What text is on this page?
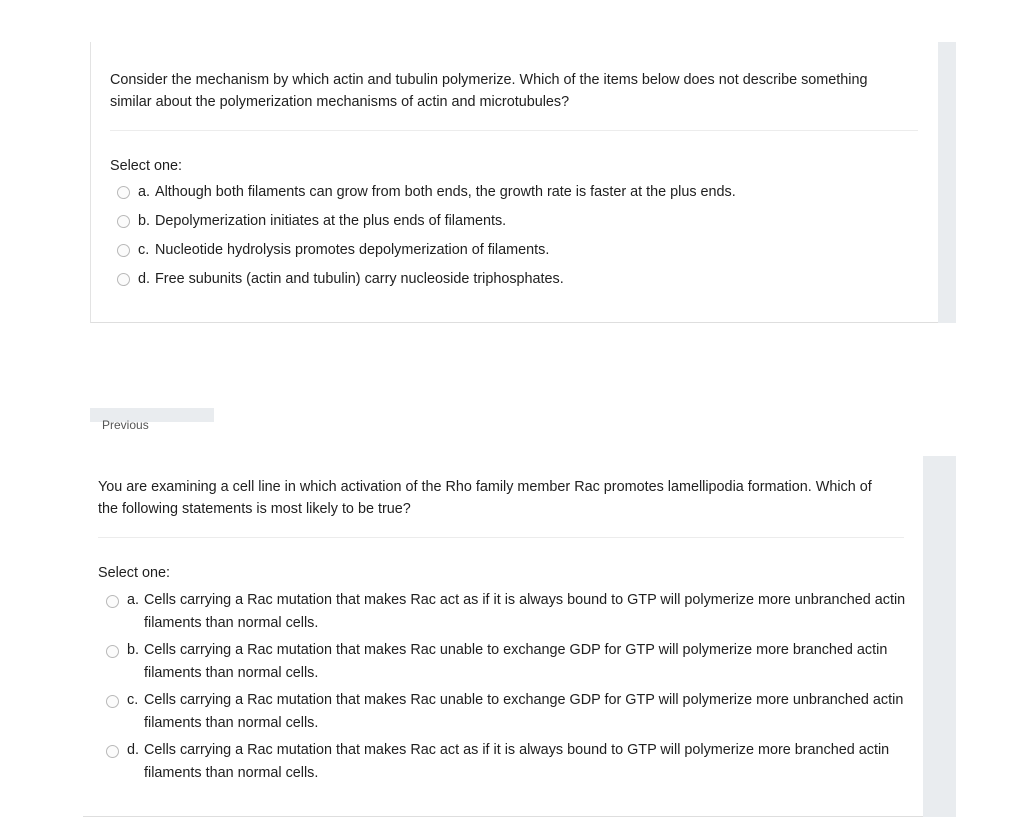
Consider the mechanism by which actin and tubulin polymerize. Which of the items below does not describe something similar about the polymerization mechanisms of actin and microtubules?
Select one:
a. Although both filaments can grow from both ends, the growth rate is faster at the plus ends.
b. Depolymerization initiates at the plus ends of filaments.
c. Nucleotide hydrolysis promotes depolymerization of filaments.
d. Free subunits (actin and tubulin) carry nucleoside triphosphates.
Previous
You are examining a cell line in which activation of the Rho family member Rac promotes lamellipodia formation. Which of the following statements is most likely to be true?
Select one:
a. Cells carrying a Rac mutation that makes Rac act as if it is always bound to GTP will polymerize more unbranched actin filaments than normal cells.
b. Cells carrying a Rac mutation that makes Rac unable to exchange GDP for GTP will polymerize more branched actin filaments than normal cells.
c. Cells carrying a Rac mutation that makes Rac unable to exchange GDP for GTP will polymerize more unbranched actin filaments than normal cells.
d. Cells carrying a Rac mutation that makes Rac act as if it is always bound to GTP will polymerize more branched actin filaments than normal cells.
